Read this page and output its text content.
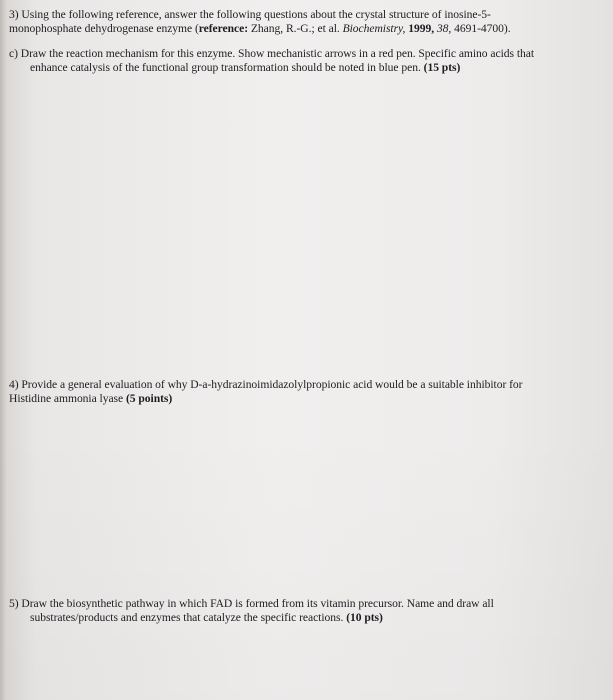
3) Using the following reference, answer the following questions about the crystal structure of inosine-5-

monophosphate dehydrogenase enzyme (reference: Zhang, R.-G.; et al. Biochemistry, 1999, 38, 4691-4700).

c) Draw the reaction mechanism for this enzyme. Show mechanistic arrows in a red pen. Specific amino acids that

enhance catalysis of the functional group transformation should be noted in blue pen. (15 pts)

4) Provide a general evaluation of why D-a-hydrazinoimidazolylpropionic acid would be a suitable inhibitor for

Histidine ammonia lyase (5 points)

5) Draw the biosynthetic pathway in which FAD is formed from its vitamin precursor. Name and draw all

substrates/products and enzymes that catalyze the specific reactions. (10 pts)
